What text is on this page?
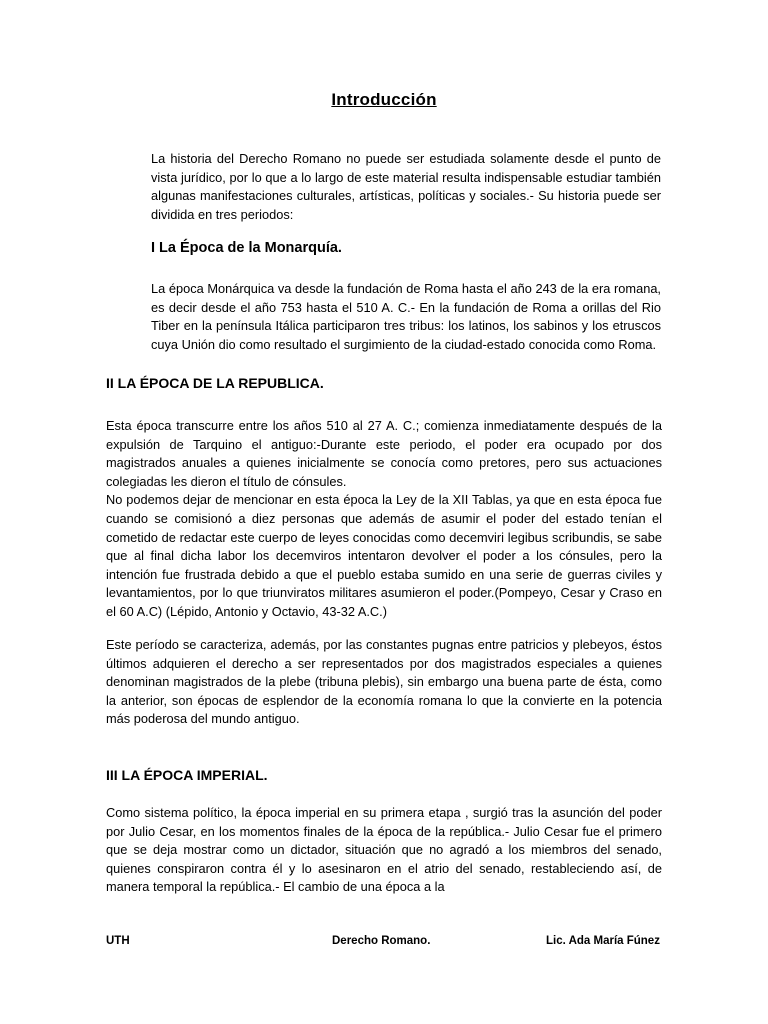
Introducción

La historia del Derecho Romano no puede ser estudiada solamente desde el punto de vista jurídico, por lo que a lo largo de este material resulta indispensable estudiar también algunas manifestaciones culturales, artísticas, políticas y sociales.- Su historia puede ser dividida en tres periodos:

I La Época de la Monarquía.

La época Monárquica va desde la fundación de Roma hasta el año 243 de la era romana, es decir desde el año 753 hasta el 510 A. C.- En la fundación de Roma a orillas del Rio Tiber en la península Itálica participaron tres tribus: los latinos, los sabinos y los etruscos cuya Unión dio como resultado el surgimiento de la ciudad-estado conocida como Roma.

II LA ÉPOCA DE LA REPUBLICA.

Esta época transcurre entre los años 510 al 27 A. C.; comienza inmediatamente después de la expulsión de Tarquino el antiguo:-Durante este periodo, el poder era ocupado por dos magistrados anuales a quienes inicialmente se conocía como pretores, pero sus actuaciones colegiadas les dieron el título de cónsules.
No podemos dejar de mencionar en esta época la Ley de la XII Tablas, ya que en esta época fue cuando se comisionó a diez personas que además de asumir el poder del estado tenían el cometido de redactar este cuerpo de leyes conocidas como decemviri legibus scribundis, se sabe que al final dicha labor los decemviros intentaron devolver el poder a los cónsules, pero la intención fue frustrada debido a que el pueblo estaba sumido en una serie de guerras civiles y levantamientos, por lo que triunviratos militares asumieron el poder.(Pompeyo, Cesar y Craso en el 60 A.C) (Lépido, Antonio y Octavio, 43-32 A.C.)

Este período se caracteriza, además, por las constantes pugnas entre patricios y plebeyos, éstos últimos adquieren el derecho a ser representados por dos magistrados especiales a quienes denominan magistrados de la plebe (tribuna plebis), sin embargo una buena parte de ésta, como la anterior, son épocas de esplendor de la economía romana lo que la convierte en la potencia más poderosa del mundo antiguo.

III LA ÉPOCA IMPERIAL.

Como sistema político, la época imperial en su primera etapa , surgió tras la asunción del poder por Julio Cesar, en los momentos finales de la época de la república.- Julio Cesar fue el primero que se deja mostrar como un dictador, situación que no agradó a los miembros del senado, quienes conspiraron contra él y lo asesinaron en el atrio del senado, restableciendo así, de manera temporal la república.- El cambio de una época a la

UTH	Derecho Romano.	Lic. Ada María Fúnez
